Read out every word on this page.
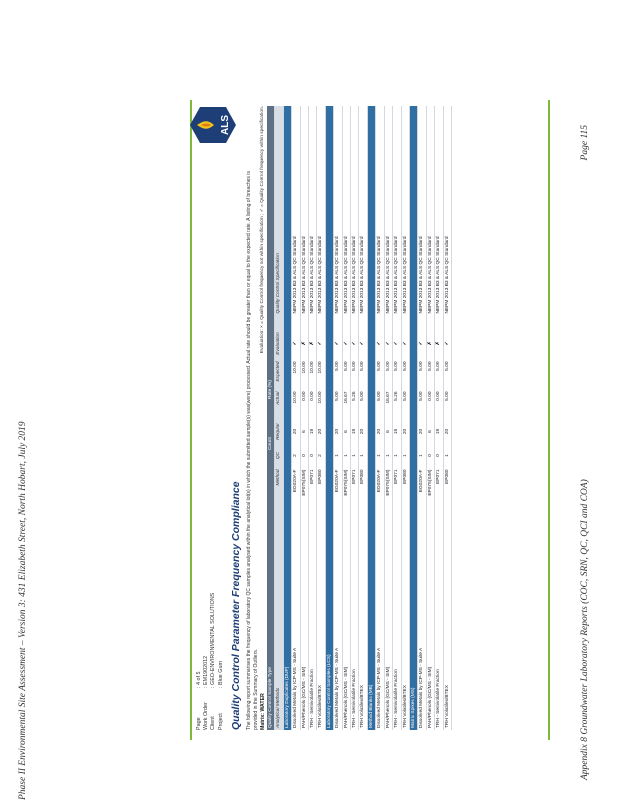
Phase II Environmental Site Assessment – Version 3: 431 Elizabeth Street, North Hobart, July 2019	Appendix 8 Groundwater Laboratory Reports (COC, SRN, QC, QCI and COA)
Page 115
ALS
Page
: 4 of 5
Work Order
: EM1902012
Client
: GEO-ENVIRONMENTAL SOLUTIONS
Project
: Blue Gum Quality Control Parameter Frequency Compliance The following report summarises the frequency of laboratory QC samples analysed within the analytical lot(s) in which the submitted sample(s) was(were) processed. Actual rate should be greater than or equal to the expected rate. A listing of breaches is provided in the Summary of Outliers. Matrix: WATER
Evaluation: × = Quality Control frequency not within specification ; ✓ = Quality Control frequency within specification.
Quality Control Sample Type		Count		Rate (%)			
Analytical Methods	Method	QC	Reqular	Actual	Expected	Evaluation	Quality Control Specification
Laboratory Duplicates (DUP)							
Dissolved Metals by ICP-MS - Suite A	EG020A-F	2	20	10.00	10.00	✓	NEPM 2013 B3 & ALS QC Standard
PAH/Phenols (GC/MS - SIM)	EP075(SIM)	0	6	0.00	10.00	✗	NEPM 2013 B3 & ALS QC Standard
TRH - Semivolatile Fraction	EP071	0	19	0.00	10.00	✗	NEPM 2013 B3 & ALS QC Standard
TRH Volatiles/BTEX	EP080	2	20	10.00	10.00	✓	NEPM 2013 B3 & ALS QC Standard
Laboratory Control Samples (LCS)							
Dissolved Metals by ICP-MS - Suite A	EG020A-F	1	20	5.00	5.00	✓	NEPM 2013 B3 & ALS QC Standard
PAH/Phenols (GC/MS - SIM)	EP075(SIM)	1	6	16.67	5.00	✓	NEPM 2013 B3 & ALS QC Standard
TRH - Semivolatile Fraction	EP071	1	19	5.26	5.00	✓	NEPM 2013 B3 & ALS QC Standard
TRH Volatiles/BTEX	EP080	1	20	5.00	5.00	✓	NEPM 2013 B3 & ALS QC Standard
Method Blanks (MB)							
Dissolved Metals by ICP-MS - Suite A	EG020A-F	1	20	5.00	5.00	✓	NEPM 2013 B3 & ALS QC Standard
PAH/Phenols (GC/MS - SIM)	EP075(SIM)	1	6	16.67	5.00	✓	NEPM 2013 B3 & ALS QC Standard
TRH - Semivolatile Fraction	EP071	1	19	5.26	5.00	✓	NEPM 2013 B3 & ALS QC Standard
TRH Volatiles/BTEX	EP080	1	20	5.00	5.00	✓	NEPM 2013 B3 & ALS QC Standard
Matrix Spikes (MS)							
Dissolved Metals by ICP-MS - Suite A	EG020A-F	1	20	5.00	5.00	✓	NEPM 2013 B3 & ALS QC Standard
PAH/Phenols (GC/MS - SIM)	EP075(SIM)	0	6	0.00	5.00	✗	NEPM 2013 B3 & ALS QC Standard
TRH - Semivolatile Fraction	EP071	0	19	0.00	5.00	✗	NEPM 2013 B3 & ALS QC Standard
TRH Volatiles/BTEX	EP080	1	20	5.00	5.00	✓	NEPM 2013 B3 & ALS QC Standard
